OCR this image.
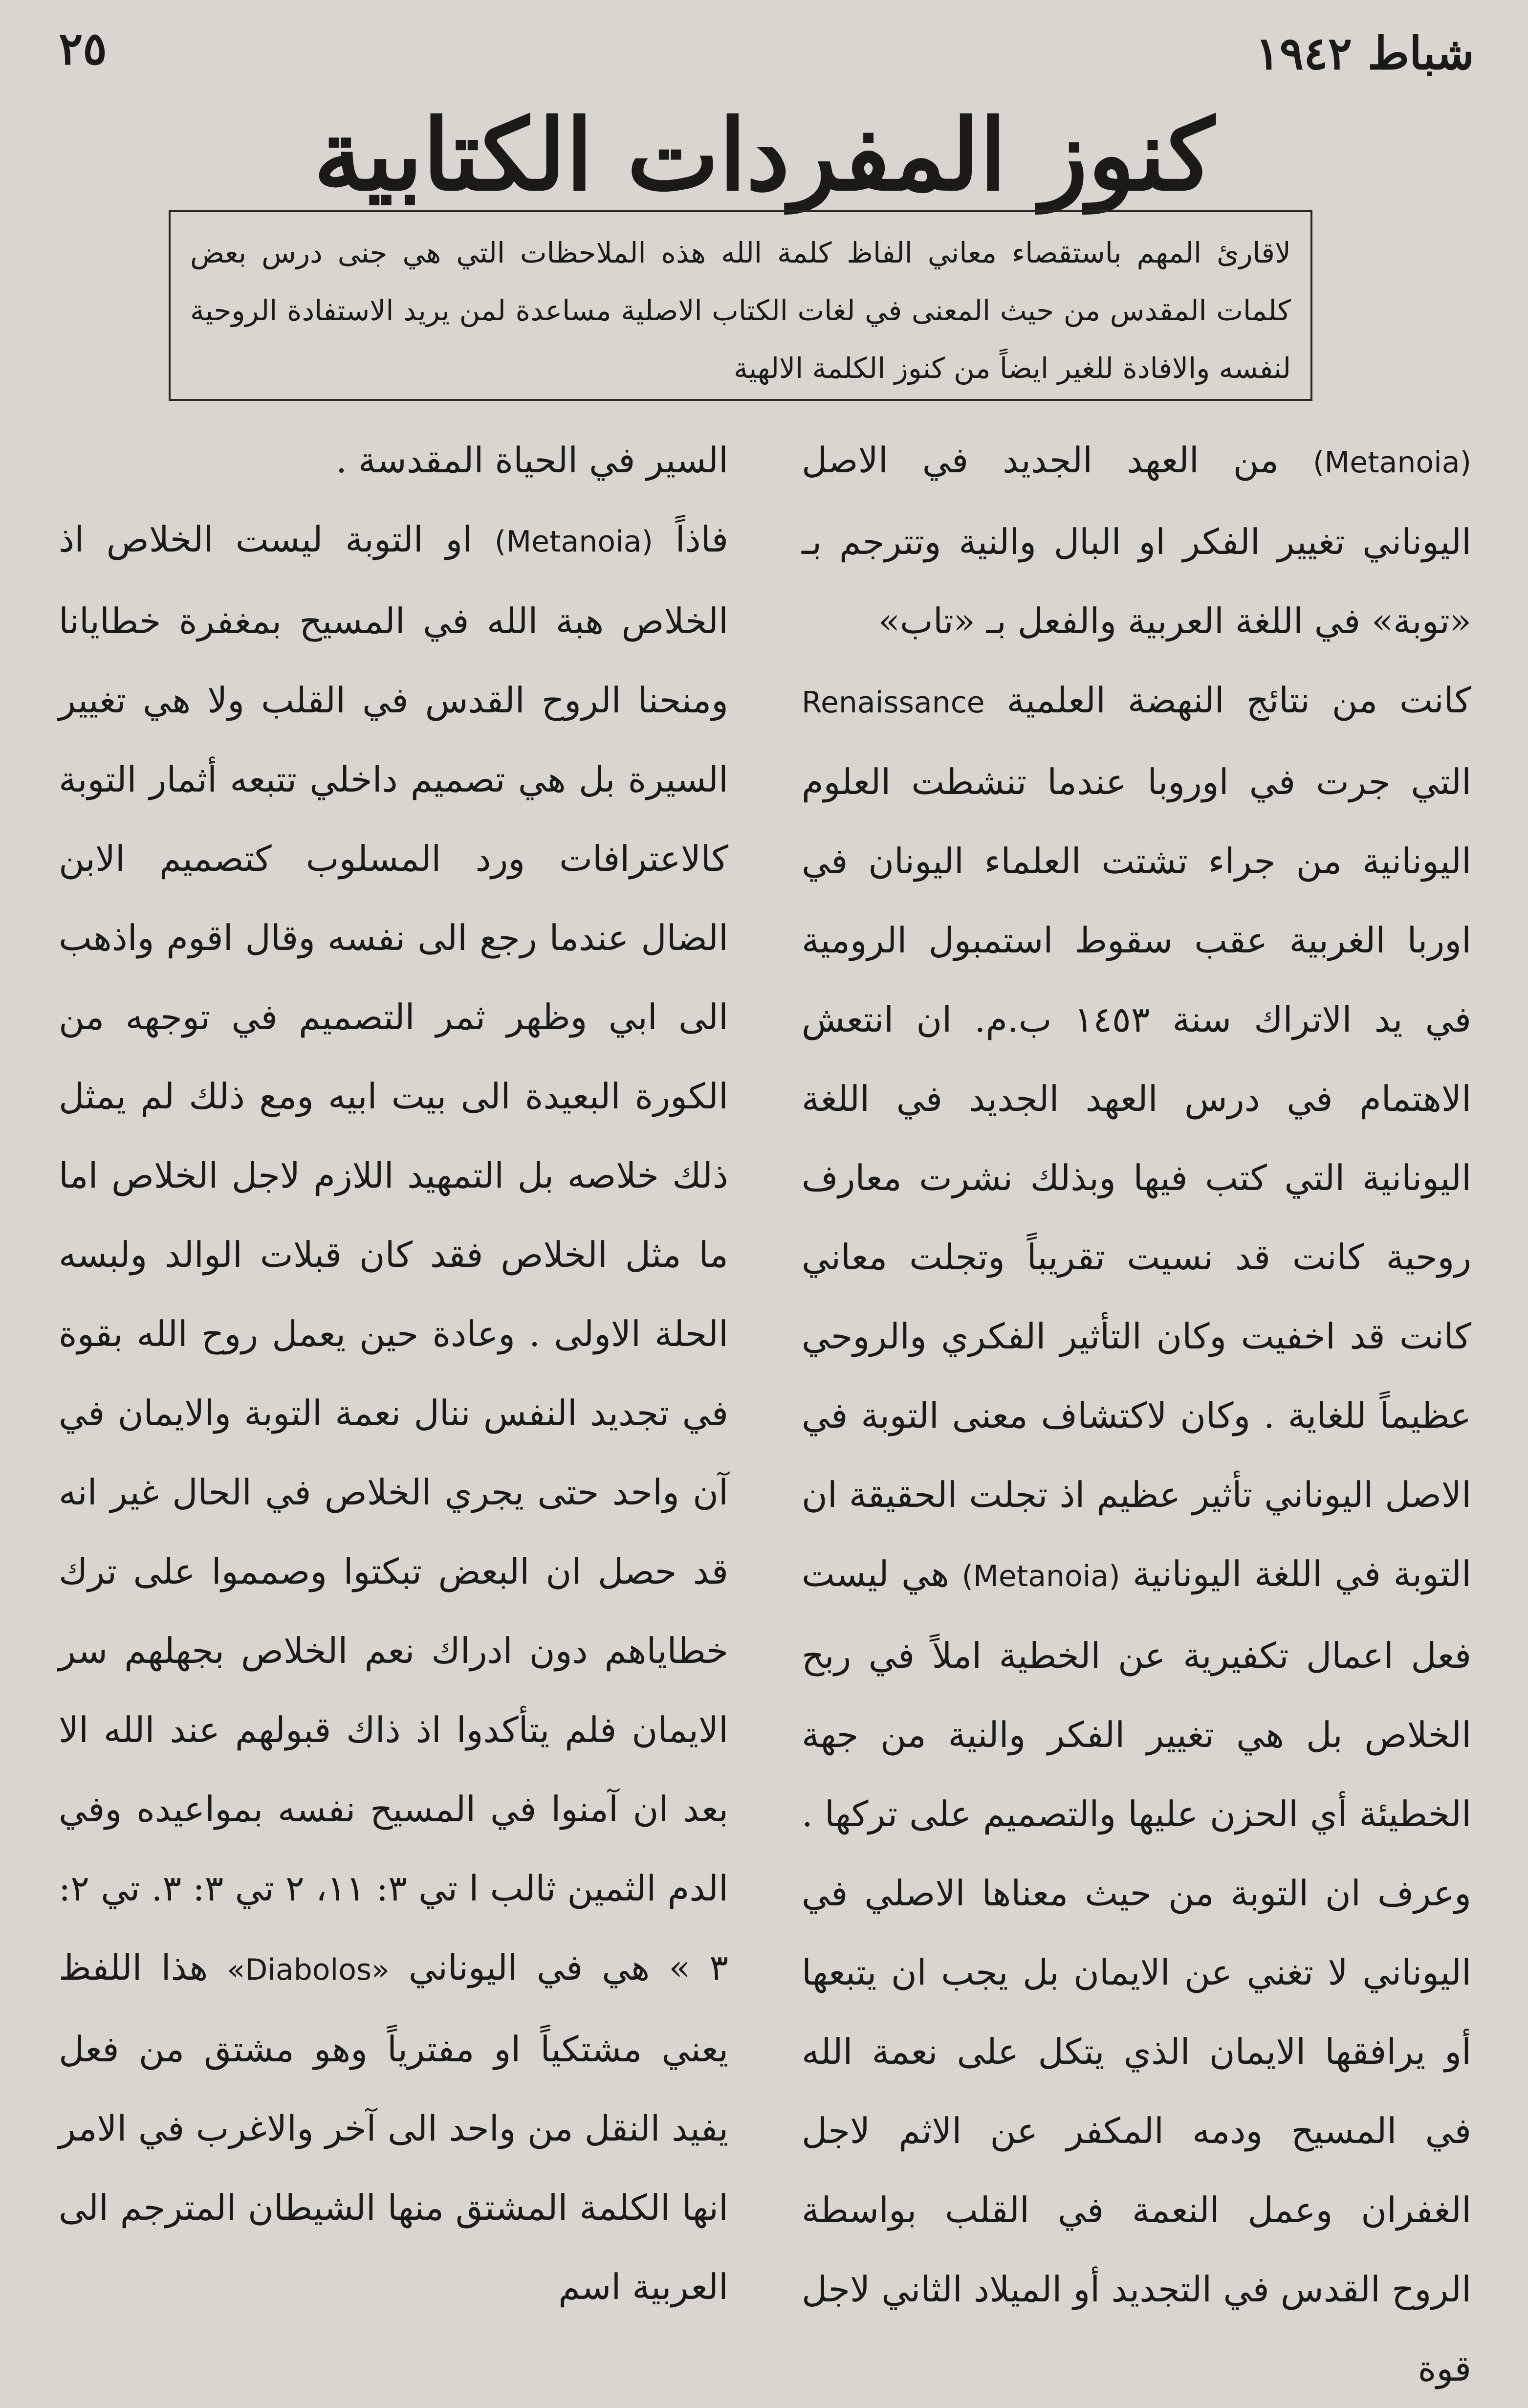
شباط ١٩٤٢
٢٥
كنوز المفردات الكتابية
لاقارئ المهم باستقصاء معاني الفاظ كلمة الله هذه الملاحظات التي هي جنى درس بعض كلمات المقدس من حيث المعنى في لغات الكتاب الاصلية مساعدة لمن يريد الاستفادة الروحية لنفسه والافادة للغير ايضاً من كنوز الكلمة الالهية

(Metanoia) من العهد الجديد في الاصل اليوناني تغيير الفكر او البال والنية وتترجم بـ «توبة» في اللغة العربية والفعل بـ «تاب»

كانت من نتائج النهضة العلمية Renaissance التي جرت في اوروبا عندما تنشطت العلوم اليونانية من جراء تشتت العلماء اليونان في اوربا الغربية عقب سقوط استمبول الرومية في يد الاتراك سنة ١٤٥٣ ب.م. ان انتعش الاهتمام في درس العهد الجديد في اللغة اليونانية التي كتب فيها وبذلك نشرت معارف روحية كانت قد نسيت تقريباً وتجلت معاني كانت قد اخفيت وكان التأثير الفكري والروحي عظيماً للغاية . وكان لاكتشاف معنى التوبة في الاصل اليوناني تأثير عظيم اذ تجلت الحقيقة ان التوبة في اللغة اليونانية (Metanoia) هي ليست فعل اعمال تكفيرية عن الخطية املاً في ربح الخلاص بل هي تغيير الفكر والنية من جهة الخطيئة أي الحزن عليها والتصميم على تركها . وعرف ان التوبة من حيث معناها الاصلي في اليوناني لا تغني عن الايمان بل يجب ان يتبعها أو يرافقها الايمان الذي يتكل على نعمة الله في المسيح ودمه المكفر عن الاثم لاجل الغفران وعمل النعمة في القلب بواسطة الروح القدس في التجديد أو الميلاد الثاني لاجل قوة

السير في الحياة المقدسة .

فاذاً (Metanoia) او التوبة ليست الخلاص اذ الخلاص هبة الله في المسيح بمغفرة خطايانا ومنحنا الروح القدس في القلب ولا هي تغيير السيرة بل هي تصميم داخلي تتبعه أثمار التوبة كالاعترافات ورد المسلوب كتصميم الابن الضال عندما رجع الى نفسه وقال اقوم واذهب الى ابي وظهر ثمر التصميم في توجهه من الكورة البعيدة الى بيت ابيه ومع ذلك لم يمثل ذلك خلاصه بل التمهيد اللازم لاجل الخلاص اما ما مثل الخلاص فقد كان قبلات الوالد ولبسه الحلة الاولى . وعادة حين يعمل روح الله بقوة في تجديد النفس ننال نعمة التوبة والايمان في آن واحد حتى يجري الخلاص في الحال غير انه قد حصل ان البعض تبكتوا وصمموا على ترك خطاياهم دون ادراك نعم الخلاص بجهلهم سر الايمان فلم يتأكدوا اذ ذاك قبولهم عند الله الا بعد ان آمنوا في المسيح نفسه بمواعيده وفي الدم الثمين ثالب ا تي ٣: ١١، ٢ تي ٣: ٣. تي ٢: ٣ » هي في اليوناني «Diabolos» هذا اللفظ يعني مشتكياً او مفترياً وهو مشتق من فعل يفيد النقل من واحد الى آخر والاغرب في الامر انها الكلمة المشتق منها الشيطان المترجم الى العربية اسم
